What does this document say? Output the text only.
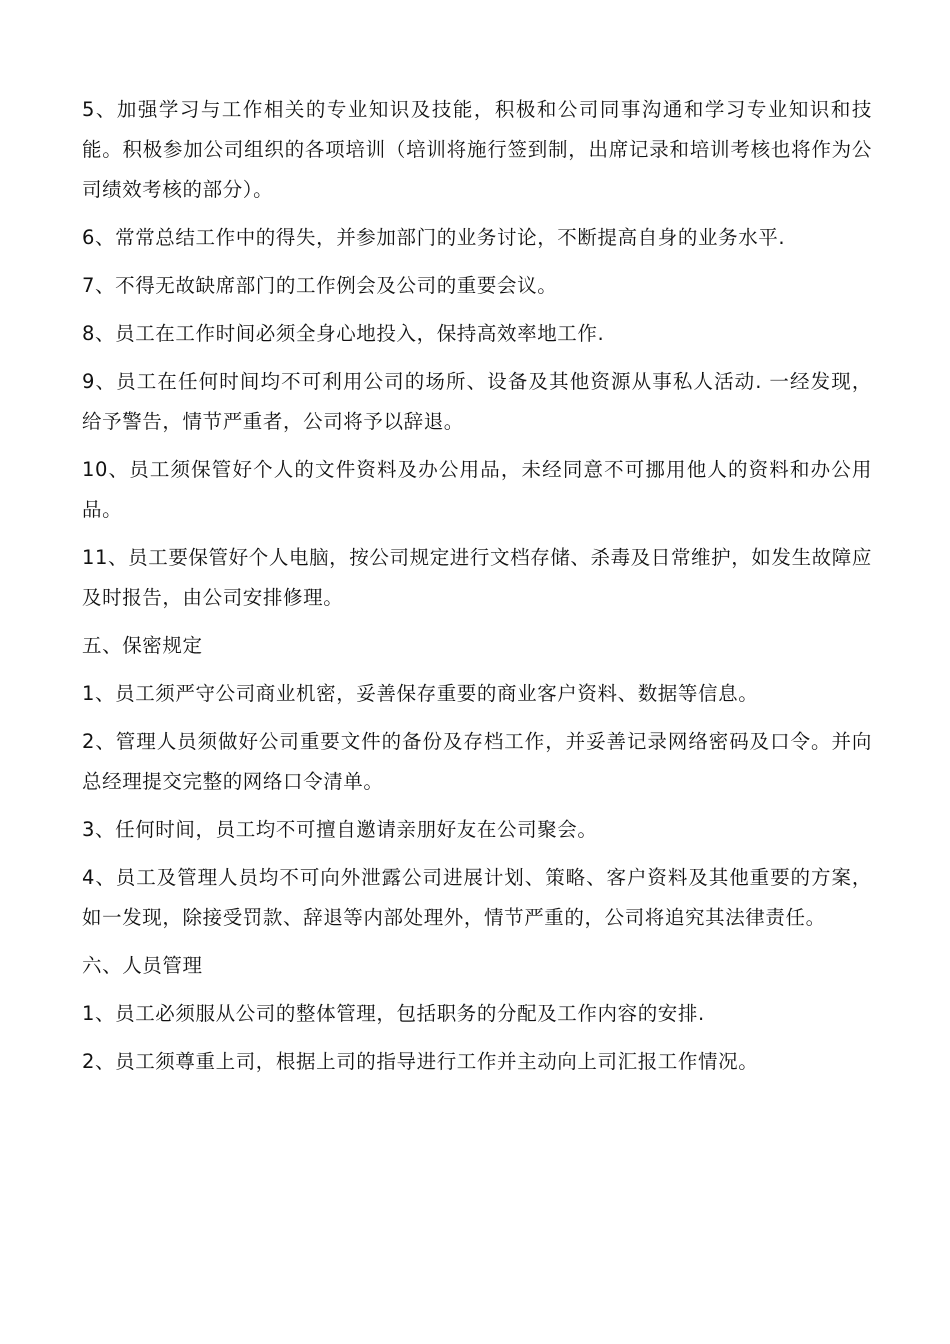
5、加强学习与工作相关的专业知识及技能，积极和公司同事沟通和学习专业知识和技能。积极参加公司组织的各项培训（培训将施行签到制，出席记录和培训考核也将作为公司绩效考核的部分）。

6、常常总结工作中的得失，并参加部门的业务讨论，不断提高自身的业务水平.

7、不得无故缺席部门的工作例会及公司的重要会议。

8、员工在工作时间必须全身心地投入，保持高效率地工作.

9、员工在任何时间均不可利用公司的场所、设备及其他资源从事私人活动. 一经发现，给予警告，情节严重者，公司将予以辞退。

10、员工须保管好个人的文件资料及办公用品，未经同意不可挪用他人的资料和办公用品。

11、员工要保管好个人电脑，按公司规定进行文档存储、杀毒及日常维护，如发生故障应及时报告，由公司安排修理。

五、保密规定

1、员工须严守公司商业机密，妥善保存重要的商业客户资料、数据等信息。

2、管理人员须做好公司重要文件的备份及存档工作，并妥善记录网络密码及口令。并向总经理提交完整的网络口令清单。

3、任何时间，员工均不可擅自邀请亲朋好友在公司聚会。

4、员工及管理人员均不可向外泄露公司进展计划、策略、客户资料及其他重要的方案，如一发现，除接受罚款、辞退等内部处理外，情节严重的，公司将追究其法律责任。

六、人员管理

1、员工必须服从公司的整体管理，包括职务的分配及工作内容的安排.

2、员工须尊重上司，根据上司的指导进行工作并主动向上司汇报工作情况。
